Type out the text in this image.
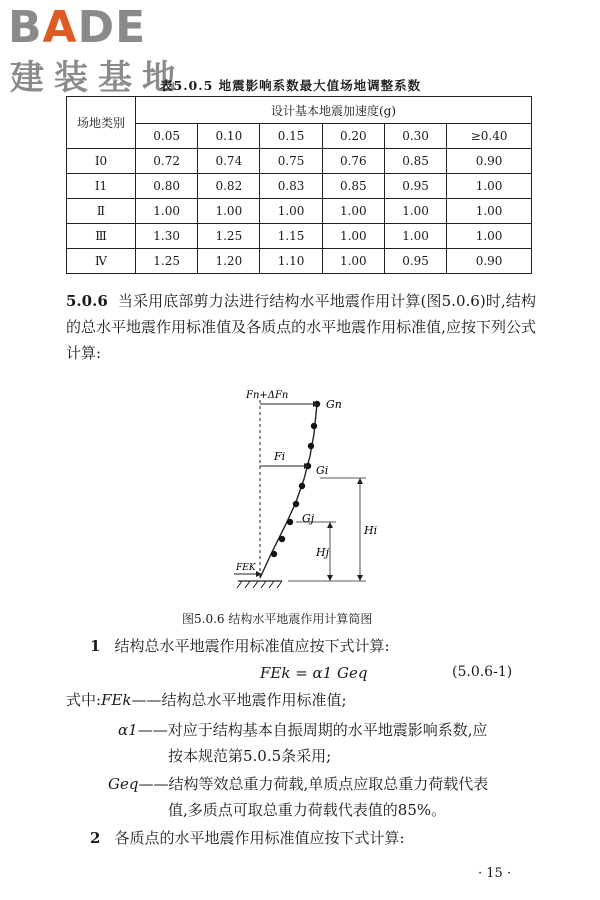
BADE
建装基地
表5.0.5 地震影响系数最大值场地调整系数
场地类别	设计基本地震加速度(g)					
	0.05	0.10	0.15	0.20	0.30	≥0.40
Ⅰ0	0.72	0.74	0.75	0.76	0.85	0.90
Ⅰ1	0.80	0.82	0.83	0.85	0.95	1.00
Ⅱ	1.00	1.00	1.00	1.00	1.00	1.00
Ⅲ	1.30	1.25	1.15	1.00	1.00	1.00
Ⅳ	1.25	1.20	1.10	1.00	0.95	0.90
5.0.6 当采用底部剪力法进行结构水平地震作用计算(图5.0.6)时,结构的总水平地震作用标准值及各质点的水平地震作用标准值,应按下列公式计算:
Fn+ΔFn
Gn
Fi
Gi
Gj
Hi
Hj
FEK
图5.0.6 结构水平地震作用计算简图
1 结构总水平地震作用标准值应按下式计算:
FEk = α1 Geq	(5.0.6-1)
式中:FEk——结构总水平地震作用标准值;
α1——对应于结构基本自振周期的水平地震影响系数,应
按本规范第5.0.5条采用;
Geq——结构等效总重力荷载,单质点应取总重力荷载代表
值,多质点可取总重力荷载代表值的85%。
2 各质点的水平地震作用标准值应按下式计算:
· 15 ·
